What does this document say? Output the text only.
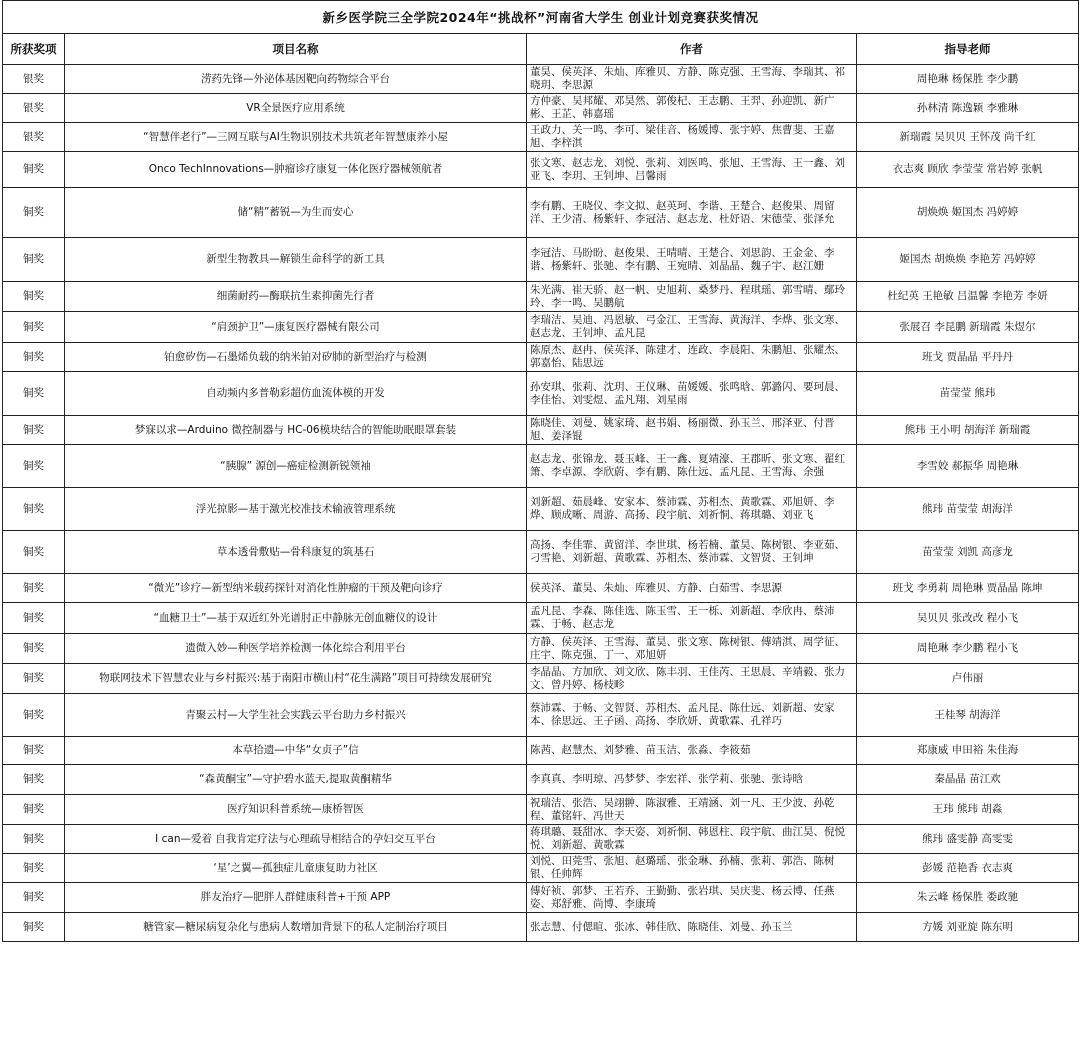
新乡医学院三全学院2024年“挑战杯”河南省大学生 创业计划竞赛获奖情况			
所获奖项	项目名称	作者	指导老师
银奖	涝药先锋—外泌体基因靶向药物综合平台	董昊、侯英泽、朱灿、库雅贝、方静、陈克强、王雪海、李瑞其、祁晓玥、李思源	周艳琳 杨保胜 李少鹏
银奖	VR全景医疗应用系统	方仲豪、吴邦耀、邓昊然、郭俊杞、王志鹏、王羿、孙迎凯、新广彬、王芷、韩嘉瑶	孙林清 陈逸颖 李雅琳
银奖	“智慧伴老行”—三网互联与AI生物识别技术共筑老年智慧康养小屋	王政力、关一鸣、李可、梁佳音、杨媛博、张宇婷、焦曹斐、王嘉旭、李梓淇	新瑞霞 吴贝贝 王怀茂 尚千红
铜奖	Onco TechInnovations—肿瘤诊疗康复一体化医疗器械领航者	张文寒、赵志龙、刘悦、张莉、刘医鸣、张旭、王雪海、王一鑫、刘亚飞、李玥、王钊坤、吕馨雨	衣志爽 顾欣 李莹莹 常岩婷 张帆
铜奖	储“精”蓄锐—为生而安心	李有鹏、王晓仪、李文拟、赵英珂、李谐、王楚合、赵俊果、周留洋、王少清、杨紫轩、李冠洁、赵志龙、杜妤语、宋德莹、张泽允	胡焕焕 姬国杰 冯婷婷
铜奖	新型生物教具—解锁生命科学的新工具	李冠洁、马盼盼、赵俊果、王晴晴、王楚合、刘思韵、王金金、李谐、杨紫轩、张驰、李有鹏、王宛晴、刘晶晶、魏子宇、赵江姗	姬国杰 胡焕焕 李艳芳 冯婷婷
铜奖	细菌耐药—酶联抗生素抑菌先行者	朱光满、崔天骄、赵一帆、史旭莉、桑梦丹、程琪瑶、郭雪晴、鄢玲玲、李一鸣、吴鹏航	杜纪英 王艳敏 吕温馨 李艳芳 李妍
铜奖	“肩颈护卫”—康复医疗器械有限公司	李瑞洁、吴迪、冯恩敏、弓金江、王雪海、黄海洋、李烨、张文寒、赵志龙、王钊坤、孟凡昆	张展召 李昆鹏 新瑞霞 朱煜尔
铜奖	铂愈矽伤—石墨烯负载的纳米铂对矽肺的新型治疗与检测	陈原杰、赵冉、侯英泽、陈建才、连政、李晨阳、朱鹏旭、张耀杰、郭嘉怡、陆思远	班戈 贾晶晶 平丹丹
铜奖	自动频内多普勒彩超仿血流体模的开发	孙安琪、张莉、沈玥、王仪琳、苗媛媛、张鸣晗、郭潞闪、要珂晨、李佳怡、刘雯煜、孟凡翔、刘星雨	苗莹莹 熊玮
铜奖	梦寐以求—Arduino 微控制器与 HC-06模块结合的智能助眠眼罩套装	陈晓佳、刘曼、姚家琦、赵书娟、杨丽微、孙玉兰、邢泽亚、付晋旭、姜泽锟	熊玮 王小明 胡海洋 新瑞霞
铜奖	“胰腺” 源创—癌症检测新锐领袖	赵志龙、张锦龙、聂玉峰、王一鑫、夏靖濠、王郡昕、张文寒、翟红箫、李卓源、李欣蔚、李有鹏、陈仕远、孟凡昆、王雪海、余强	李雪姣 郝振华 周艳琳
铜奖	浮光掠影—基于激光校准技术输液管理系统	刘新超、茹晨峰、安家本、蔡沛霖、苏相杰、黄歌霖、邓旭妍、李烨、顾成晰、周游、高扬、段宇航、刘祈恫、蒋琪璐、刘亚飞	熊玮 苗莹莹 胡海洋
铜奖	草本透骨敷贴—骨科康复的筑基石	高扬、李佳霏、黄留洋、李世琪、杨若楠、董昊、陈树银、李亚茹、刁雪艳、刘新超、黄歌霖、苏相杰、蔡沛霖、文智贤、王钊坤	苗莹莹 刘凯 高彦龙
铜奖	“微光”诊疗—新型纳米载药探针对消化性肿瘤的干预及靶向诊疗	侯英泽、董昊、朱灿、库雅贝、方静、白茹雪、李思源	班戈 李勇莉 周艳琳 贾晶晶 陈坤
铜奖	“血糖卫士”—基于双近红外光谱肘正中静脉无创血糖仪的设计	孟凡昆、李森、陈佳选、陈玉雪、王一栎、刘新超、李欣冉、蔡沛霖、于畅、赵志龙	吴贝贝 张改改 程小飞
铜奖	遗微入妙—种医学培养检测一体化综合利用平台	方静、侯英泽、王雪海、董昊、张文寒、陈树银、傅靖淇、周学征、庄宇、陈克强、丁一、邓旭妍	周艳琳 李少鹏 程小飞
铜奖	物联网技术下智慧农业与乡村振兴:基于南阳市横山村“花生满路”项目可持续发展研究	李晶晶、方加欣、刘文欣、陈丰羽、王佳芮、王思晨、辛靖毅、张力文、曾丹婷、杨枝畛	卢伟丽
铜奖	青聚云村—大学生社会实践云平台助力乡村振兴	蔡沛霖、于畅、文智贤、苏相杰、孟凡昆、陈仕远、刘新超、安家本、徐思远、王子函、高扬、李欣妍、黄歌霖、孔祥巧	王桂琴 胡海洋
铜奖	本草拾遗—中华“女贞子”信	陈茜、赵慧杰、刘梦雅、苗玉洁、张淼、李筱茹	郑康威 申田裕 朱佳海
铜奖	“森黄酮宝”—守护碧水蓝天,提取黄酮精华	李真真、李明琼、冯梦梦、李宏祥、张学莉、张驰、张诗晗	秦晶晶 苗江欢
铜奖	医疗知识科普系统—康桥智医	祝瑞洁、张浩、吴翊翀、陈淑雅、王靖涵、刘一凡、王少波、孙乾程、董铭轩、冯世天	王玮 熊玮 胡淼
铜奖	I can—爱着 自我肯定疗法与心理疏导相结合的孕妇交互平台	蒋琪璐、聂甜冰、李天姿、刘祈恫、韩恩柱、段宇航、曲江昊、倪悦悦、刘新超、黄歌霖	熊玮 盛雯静 高雯雯
铜奖	‘星’之翼—孤独症儿童康复助力社区	刘悦、田莞雪、张旭、赵璐瑶、张金琳、孙楠、张莉、郭浩、陈树银、任帅辉	彭媛 范艳香 衣志爽
铜奖	胖友治疗—肥胖人群健康科普+干预 APP	傅好祯、郭梦、王若乔、王勤勤、张岩琪、吴庆斐、杨云博、任燕姿、郑舒雅、尚博、李康琦	朱云峰 杨保胜 娄政驰
铜奖	糖管家—糖尿病复杂化与患病人数增加背景下的私人定制治疗项目	张志慧、付偲暄、张冰、韩佳欣、陈晓佳、刘曼、孙玉兰	方媛 刘亚旋 陈东明
